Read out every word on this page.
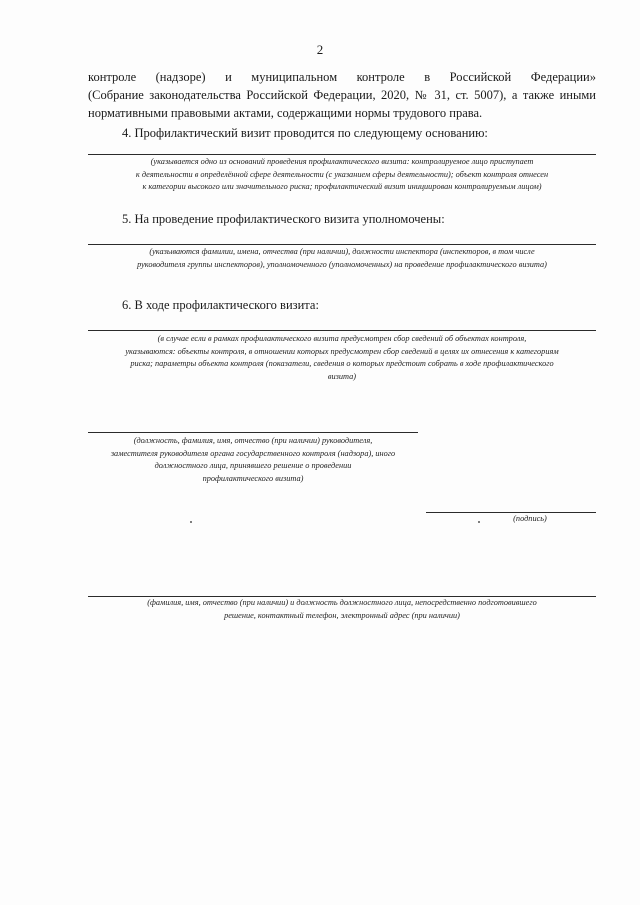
2
контроле (надзоре) и муниципальном контроле в Российской Федерации»
(Собрание законодательства Российской Федерации, 2020, № 31, ст. 5007), а также иными
нормативными правовыми актами, содержащими нормы трудового права.
4. Профилактический визит проводится по следующему основанию:
(указывается одно из оснований проведения профилактического визита: контролируемое лицо приступает
к деятельности в определённой сфере деятельности (с указанием сферы деятельности); объект контроля отнесен
к категории высокого или значительного риска; профилактический визит инициирован контролируемым лицом)
5. На проведение профилактического визита уполномочены:
(указываются фамилии, имена, отчества (при наличии), должности инспектора (инспекторов, в том числе
руководителя группы инспекторов), уполномоченного (уполномоченных) на проведение профилактического визита)
6. В ходе профилактического визита:
(в случае если в рамках профилактического визита предусмотрен сбор сведений об объектах контроля,
указываются: объекты контроля, в отношении которых предусмотрен сбор сведений в целях их отнесения к категориям
риска; параметры объекта контроля (показатели, сведения о которых предстоит собрать в ходе профилактического
визита)
(должность, фамилия, имя, отчество (при наличии) руководителя,
заместителя руководителя органа государственного контроля (надзора), иного
должностного лица, принявшего решение о проведении
профилактического визита)
(подпись)
(фамилия, имя, отчество (при наличии) и должность должностного лица, непосредственно подготовившего
решение, контактный телефон, электронный адрес (при наличии)
